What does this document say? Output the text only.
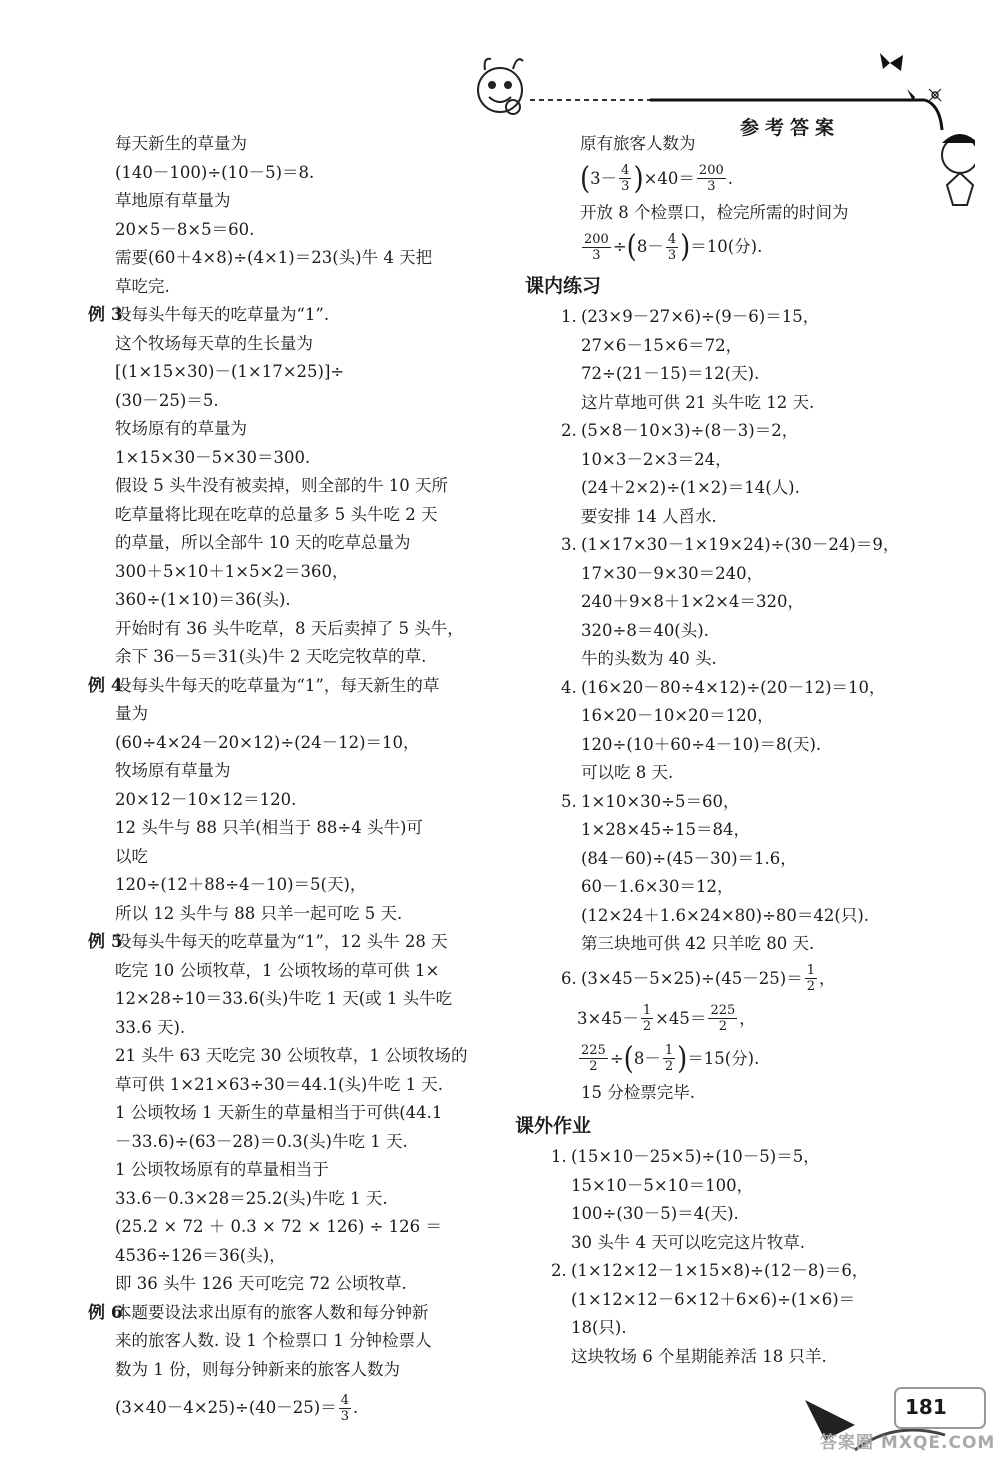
参考答案
每天新生的草量为
(140－100)÷(10－5)＝8.
草地原有草量为
20×5－8×5＝60.
需要(60＋4×8)÷(4×1)＝23(头)牛 4 天把
草吃完.
例 3
设每头牛每天的吃草量为“1”.
这个牧场每天草的生长量为
[(1×15×30)－(1×17×25)]÷
(30－25)＝5.
牧场原有的草量为
1×15×30－5×30＝300.
假设 5 头牛没有被卖掉，则全部的牛 10 天所
吃草量将比现在吃草的总量多 5 头牛吃 2 天
的草量，所以全部牛 10 天的吃草总量为
300＋5×10＋1×5×2＝360，
360÷(1×10)＝36(头).
开始时有 36 头牛吃草，8 天后卖掉了 5 头牛，
余下 36－5＝31(头)牛 2 天吃完牧草的草.
例 4
设每头牛每天的吃草量为“1”，每天新生的草
量为
(60÷4×24－20×12)÷(24－12)＝10，
牧场原有草量为
20×12－10×12＝120.
12 头牛与 88 只羊(相当于 88÷4 头牛)可
以吃
120÷(12＋88÷4－10)＝5(天)，
所以 12 头牛与 88 只羊一起可吃 5 天.
例 5
设每头牛每天的吃草量为“1”，12 头牛 28 天
吃完 10 公顷牧草，1 公顷牧场的草可供 1×
12×28÷10＝33.6(头)牛吃 1 天(或 1 头牛吃
33.6 天).
21 头牛 63 天吃完 30 公顷牧草，1 公顷牧场的
草可供 1×21×63÷30＝44.1(头)牛吃 1 天.
1 公顷牧场 1 天新生的草量相当于可供(44.1
－33.6)÷(63－28)＝0.3(头)牛吃 1 天.
1 公顷牧场原有的草量相当于
33.6－0.3×28＝25.2(头)牛吃 1 天.
(25.2 × 72 ＋ 0.3 × 72 × 126) ÷ 126 ＝
4536÷126＝36(头)，
即 36 头牛 126 天可吃完 72 公顷牧草.
例 6
本题要设法求出原有的旅客人数和每分钟新
来的旅客人数. 设 1 个检票口 1 分钟检票人
数为 1 份，则每分钟新来的旅客人数为
$(3\times 40-4\times 25)\div(40-25)= \frac{4}{3}$ .
原有旅客人数为
( $3- \frac{4}{3}$ ) $\times 40= \frac{200}{3}$ .
开放 8 个检票口，检完所需的时间为
$\frac{200}{3}$ ÷ ( $8- \frac{4}{3}$ ) ＝10(分).
课内练习
1. (23×9－27×6)÷(9－6)＝15，
27×6－15×6＝72，
72÷(21－15)＝12(天).
这片草地可供 21 头牛吃 12 天.
2. (5×8－10×3)÷(8－3)＝2，
10×3－2×3＝24，
(24＋2×2)÷(1×2)＝14(人).
要安排 14 人舀水.
3. (1×17×30－1×19×24)÷(30－24)＝9，
17×30－9×30＝240，
240＋9×8＋1×2×4＝320，
320÷8＝40(头).
牛的头数为 40 头.
4. (16×20－80÷4×12)÷(20－12)＝10，
16×20－10×20＝120，
120÷(10＋60÷4－10)＝8(天).
可以吃 8 天.
5. 1×10×30÷5＝60，
1×28×45÷15＝84，
(84－60)÷(45－30)＝1.6，
60－1.6×30＝12，
(12×24＋1.6×24×80)÷80＝42(只).
第三块地可供 42 只羊吃 80 天.
6. $(3\times 45-5\times 25)\div(45-25)= \frac{1}{2}$ ，
$3\times 45- \frac{1}{2} \times 45= \frac{225}{2}$ ，
$\frac{225}{2}$ ÷ ( $8- \frac{1}{2}$ ) ＝15(分).
15 分检票完毕.
课外作业
1. (15×10－25×5)÷(10－5)＝5，
15×10－5×10＝100，
100÷(30－5)＝4(天).
30 头牛 4 天可以吃完这片牧草.
2. (1×12×12－1×15×8)÷(12－8)＝6，
(1×12×12－6×12＋6×6)÷(1×6)＝
18(只).
这块牧场 6 个星期能养活 18 只羊.
181
答案圈 MXQE.COM
